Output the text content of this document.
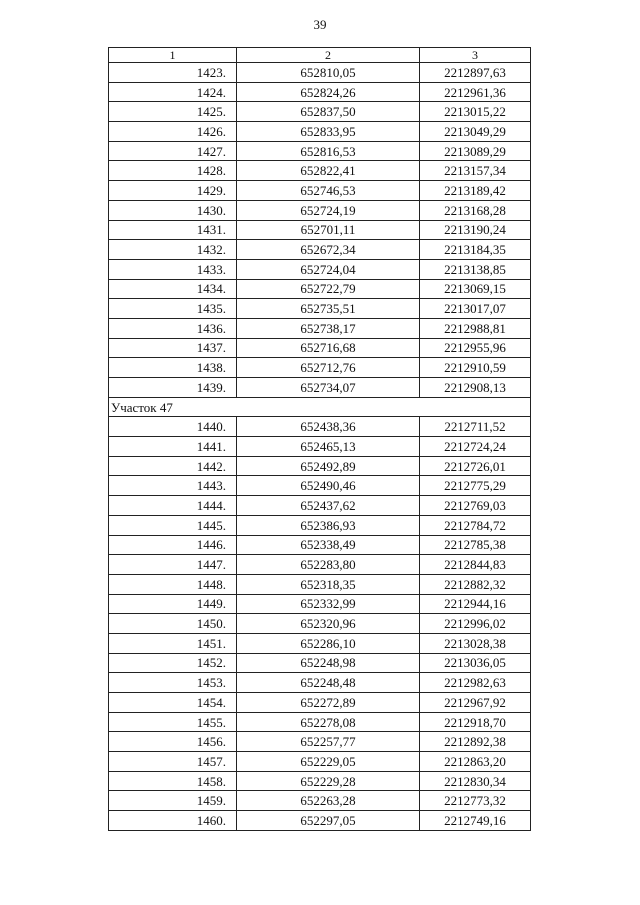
39
1	2	3
1423.	652810,05	2212897,63
1424.	652824,26	2212961,36
1425.	652837,50	2213015,22
1426.	652833,95	2213049,29
1427.	652816,53	2213089,29
1428.	652822,41	2213157,34
1429.	652746,53	2213189,42
1430.	652724,19	2213168,28
1431.	652701,11	2213190,24
1432.	652672,34	2213184,35
1433.	652724,04	2213138,85
1434.	652722,79	2213069,15
1435.	652735,51	2213017,07
1436.	652738,17	2212988,81
1437.	652716,68	2212955,96
1438.	652712,76	2212910,59
1439.	652734,07	2212908,13
Участок 47		
1440.	652438,36	2212711,52
1441.	652465,13	2212724,24
1442.	652492,89	2212726,01
1443.	652490,46	2212775,29
1444.	652437,62	2212769,03
1445.	652386,93	2212784,72
1446.	652338,49	2212785,38
1447.	652283,80	2212844,83
1448.	652318,35	2212882,32
1449.	652332,99	2212944,16
1450.	652320,96	2212996,02
1451.	652286,10	2213028,38
1452.	652248,98	2213036,05
1453.	652248,48	2212982,63
1454.	652272,89	2212967,92
1455.	652278,08	2212918,70
1456.	652257,77	2212892,38
1457.	652229,05	2212863,20
1458.	652229,28	2212830,34
1459.	652263,28	2212773,32
1460.	652297,05	2212749,16
